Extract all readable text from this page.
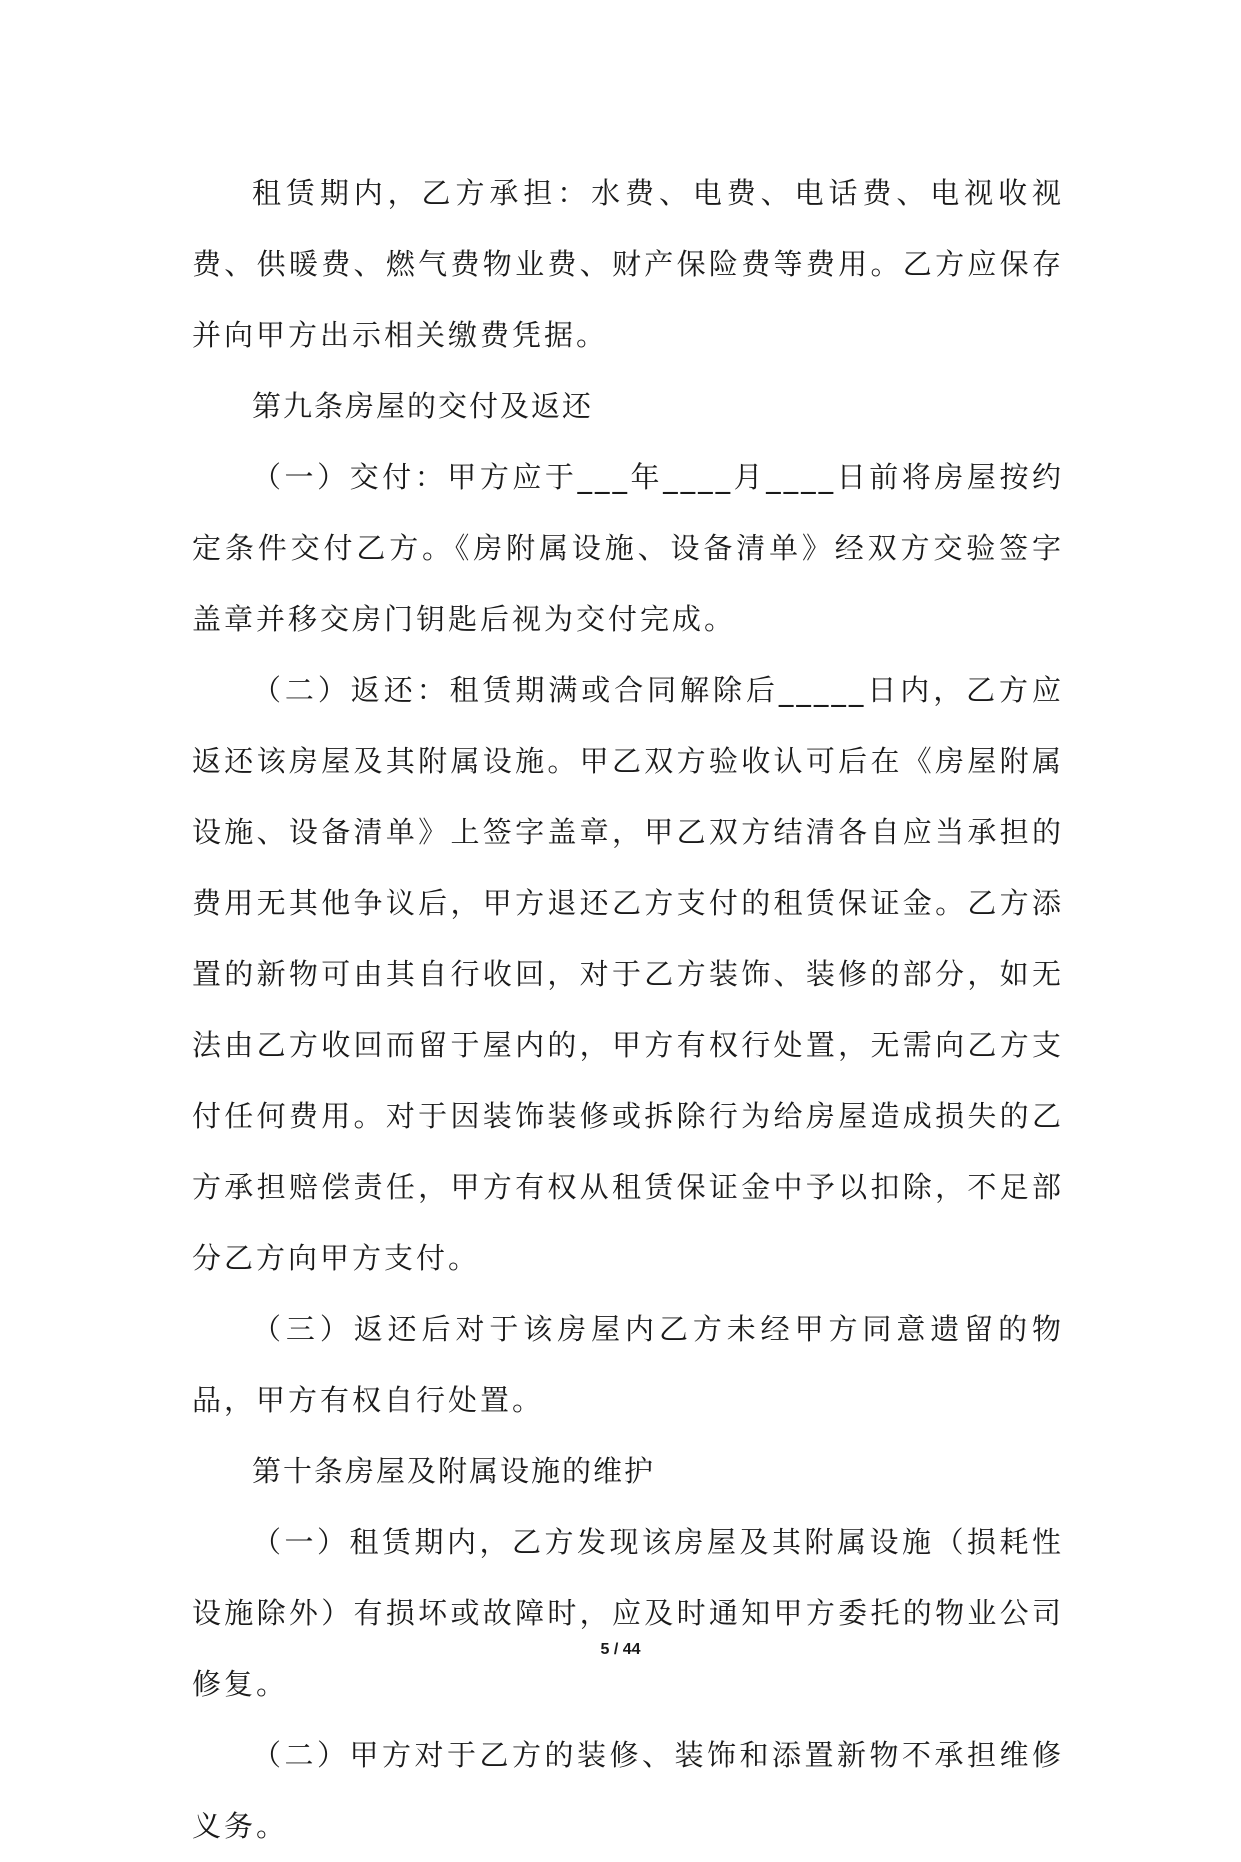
租赁期内，乙方承担：水费、电费、电话费、电视收视费、供暖费、燃气费物业费、财产保险费等费用。乙方应保存并向甲方出示相关缴费凭据。

第九条房屋的交付及返还

（一）交付：甲方应于___年____月____日前将房屋按约定条件交付乙方。《房附属设施、设备清单》经双方交验签字盖章并移交房门钥匙后视为交付完成。

（二）返还：租赁期满或合同解除后_____日内，乙方应返还该房屋及其附属设施。甲乙双方验收认可后在《房屋附属设施、设备清单》上签字盖章，甲乙双方结清各自应当承担的费用无其他争议后，甲方退还乙方支付的租赁保证金。乙方添置的新物可由其自行收回，对于乙方装饰、装修的部分，如无法由乙方收回而留于屋内的，甲方有权行处置，无需向乙方支付任何费用。对于因装饰装修或拆除行为给房屋造成损失的乙方承担赔偿责任，甲方有权从租赁保证金中予以扣除，不足部分乙方向甲方支付。

（三）返还后对于该房屋内乙方未经甲方同意遗留的物品，甲方有权自行处置。

第十条房屋及附属设施的维护

（一）租赁期内，乙方发现该房屋及其附属设施（损耗性设施除外）有损坏或故障时，应及时通知甲方委托的物业公司修复。

（二）甲方对于乙方的装修、装饰和添置新物不承担维修义务。

5 / 44
